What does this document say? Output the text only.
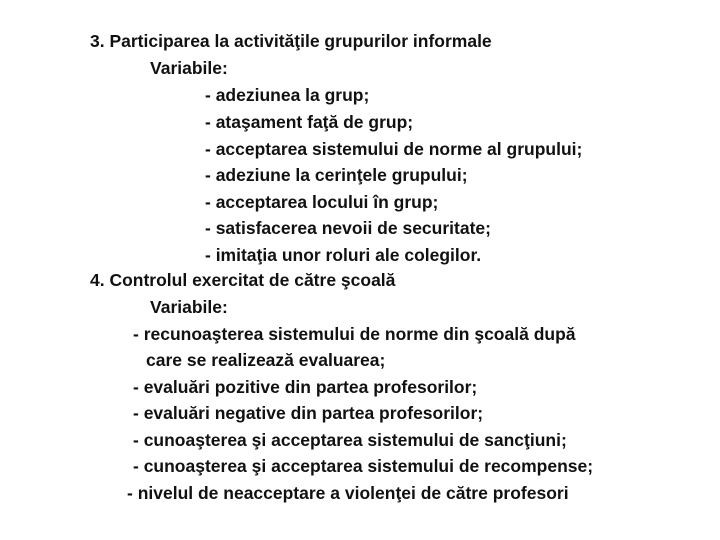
3. Participarea la activităţile grupurilor informale
Variabile:
- adeziunea la grup;
- ataşament faţă de grup;
- acceptarea sistemului de norme al grupului;
- adeziune la cerinţele grupului;
- acceptarea locului în grup;
- satisfacerea nevoii de securitate;
- imitaţia unor roluri ale colegilor.
4. Controlul exercitat de către şcoală
Variabile:
- recunoaşterea sistemului de norme din şcoală după
care se realizează evaluarea;
- evaluări pozitive din partea profesorilor;
- evaluări negative din partea profesorilor;
- cunoaşterea şi acceptarea sistemului de sancţiuni;
- cunoaşterea şi acceptarea sistemului de recompense;
- nivelul de neacceptare a violenţei de către profesori
